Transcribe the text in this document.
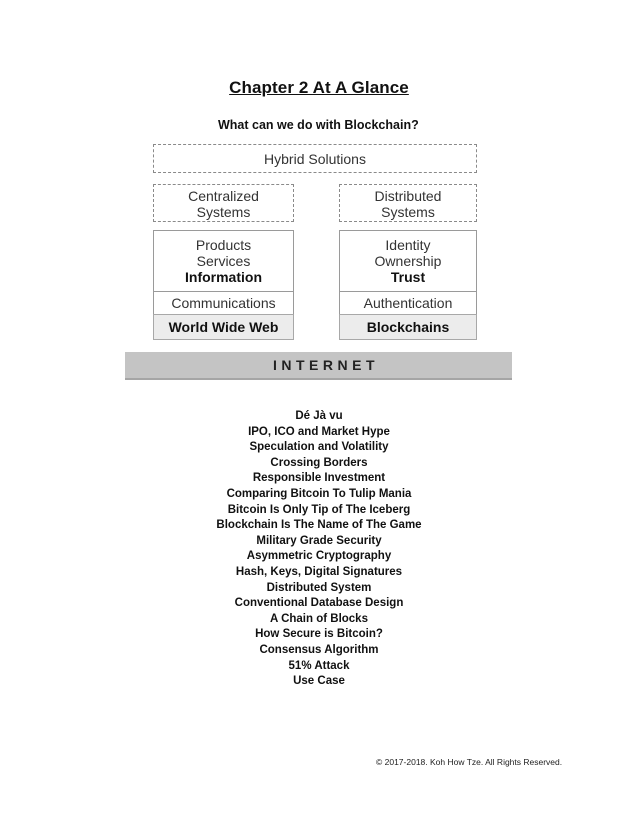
Chapter 2 At A Glance
What can we do with Blockchain?
Hybrid Solutions
Centralized
Systems
Distributed
Systems
Products
Services
Information
Communications
World Wide Web
Identity
Ownership
Trust
Authentication
Blockchains
INTERNET
Dé Jà vu
IPO, ICO and Market Hype
Speculation and Volatility
Crossing Borders
Responsible Investment
Comparing Bitcoin To Tulip Mania
Bitcoin Is Only Tip of The Iceberg
Blockchain Is The Name of The Game
Military Grade Security
Asymmetric Cryptography
Hash, Keys, Digital Signatures
Distributed System
Conventional Database Design
A Chain of Blocks
How Secure is Bitcoin?
Consensus Algorithm
51% Attack
Use Case
© 2017-2018. Koh How Tze. All Rights Reserved.
